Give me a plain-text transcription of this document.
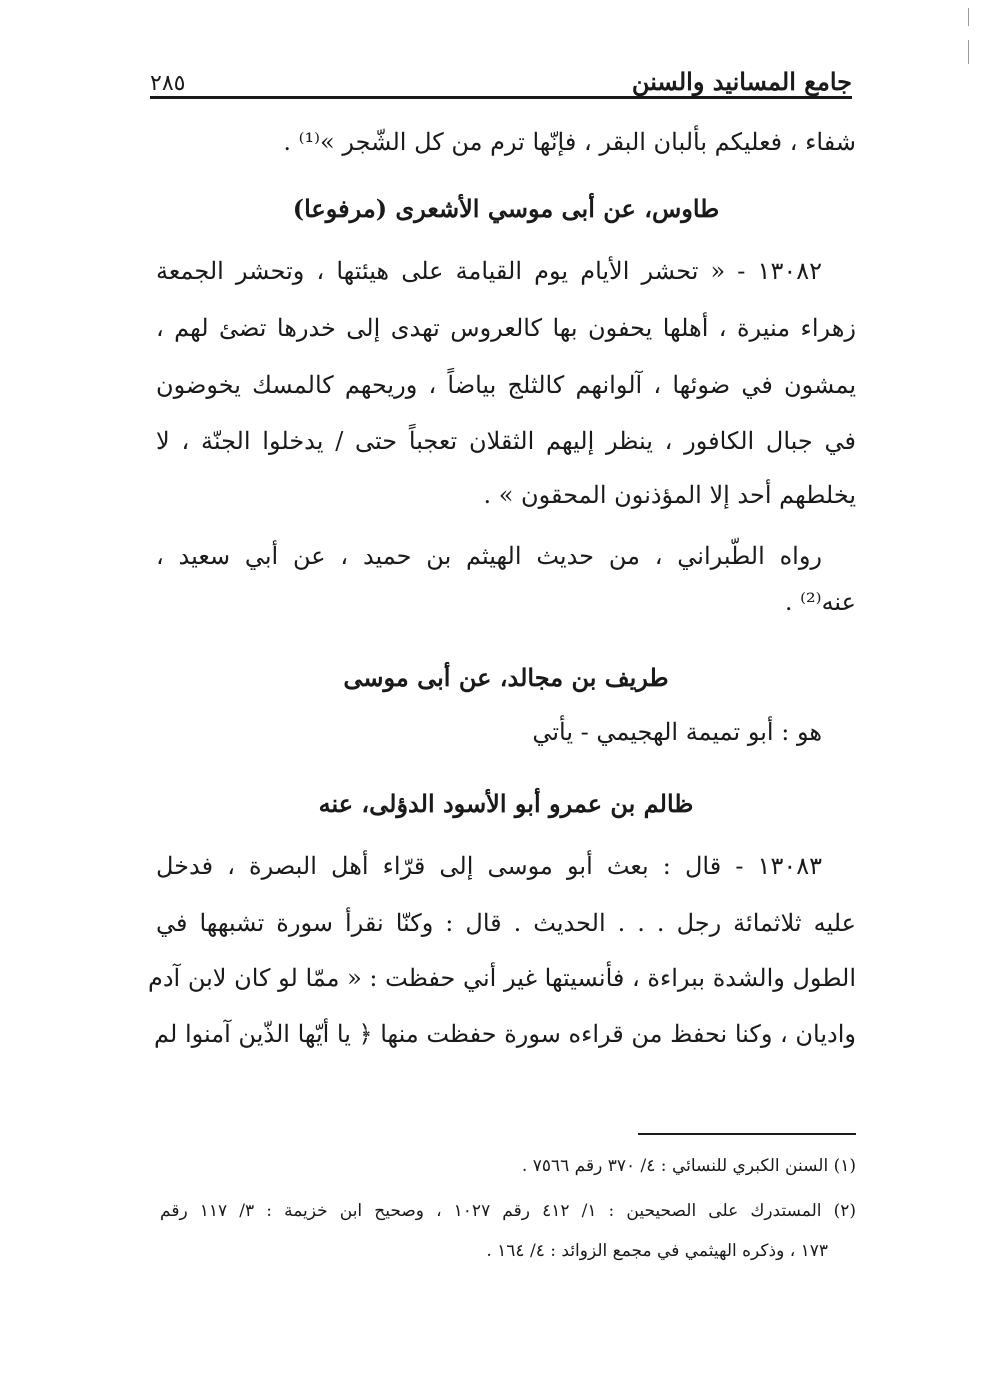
٢٨٥	جامع المسانيد والسنن
شفاء ، فعليكم بألبان البقر ، فإنّها ترم من كل الشّجر »⁽¹⁾ .
طاوس، عن أبى موسي الأشعرى (مرفوعا)
١٣٠٨٢ - « تحشر الأيام يوم القيامة على هيئتها ، وتحشر الجمعة
زهراء منيرة ، أهلها يحفون بها كالعروس تهدى إلى خدرها تضئ لهم ،
يمشون في ضوئها ، آلوانهم كالثلج بياضاً ، وريحهم كالمسك يخوضون
في جبال الكافور ، ينظر إليهم الثقلان تعجباً حتى / يدخلوا الجنّة ، لا
يخلطهم أحد إلا المؤذنون المحقون » .
رواه الطّبراني ، من حديث الهيثم بن حميد ، عن أبي سعيد ،
عنه⁽²⁾ .
طريف بن مجالد، عن أبى موسى
هو : أبو تميمة الهجيمي - يأتي
ظالم بن عمرو أبو الأسود الدؤلى، عنه
١٣٠٨٣ - قال : بعث أبو موسى إلى قرّاء أهل البصرة ، فدخل
عليه ثلاثمائة رجل . . . الحديث . قال : وكنّا نقرأ سورة تشبهها في
الطول والشدة ببراءة ، فأنسيتها غير أني حفظت : « ممّا لو كان لابن آدم
واديان ، وكنا نحفظ من قراءه سورة حفظت منها ﴿ يا أيّها الذّين آمنوا لم
(١) السنن الكبري للنسائي : ٤/ ٣٧٠ رقم ٧٥٦٦ .
(٢) المستدرك على الصحيحين : ١/ ٤١٢ رقم ١٠٢٧ ، وصحيح ابن خزيمة : ٣/ ١١٧ رقم
١٧٣ ، وذكره الهيثمي في مجمع الزوائد : ٤/ ١٦٤ .
